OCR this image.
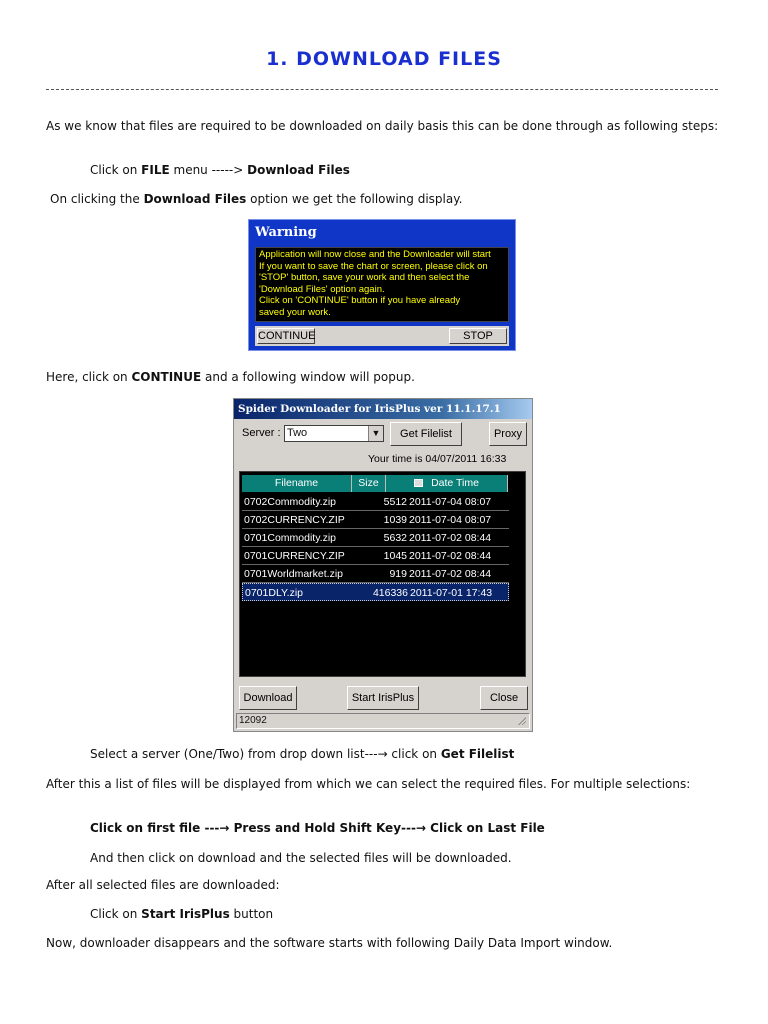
1. DOWNLOAD FILES
As we know that files are required to be downloaded on daily basis this can be done through as following steps:
Click on FILE menu -----> Download Files
On clicking the Download Files option we get the following display.
Warning
Application will now close and the Downloader will start
If you want to save the chart or screen, please click on
'STOP' button, save your work and then select the
'Download Files' option again.
Click on 'CONTINUE' button if you have already
saved your work.
CONTINUE	STOP
Here, click on CONTINUE and a following window will popup.
Spider Downloader for IrisPlus ver 11.1.17.1
Server : Two	▼	Get Filelist	Proxy
Your time is 04/07/2011 16:33
Filename	Size	Date Time
0702Commodity.zip	5512 2011-07-04 08:07
0702CURRENCY.ZIP	1039 2011-07-04 08:07
0701Commodity.zip	5632 2011-07-02 08:44
0701CURRENCY.ZIP	1045 2011-07-02 08:44
0701Worldmarket.zip	919 2011-07-02 08:44
0701DLY.zip	416336 2011-07-01 17:43
Download	Start IrisPlus	Close
12092
Select a server (One/Two) from drop down list---→ click on Get Filelist
After this a list of files will be displayed from which we can select the required files. For multiple selections:
Click on first file ---→ Press and Hold Shift Key---→ Click on Last File
And then click on download and the selected files will be downloaded.
After all selected files are downloaded:
Click on Start IrisPlus button
Now, downloader disappears and the software starts with following Daily Data Import window.
